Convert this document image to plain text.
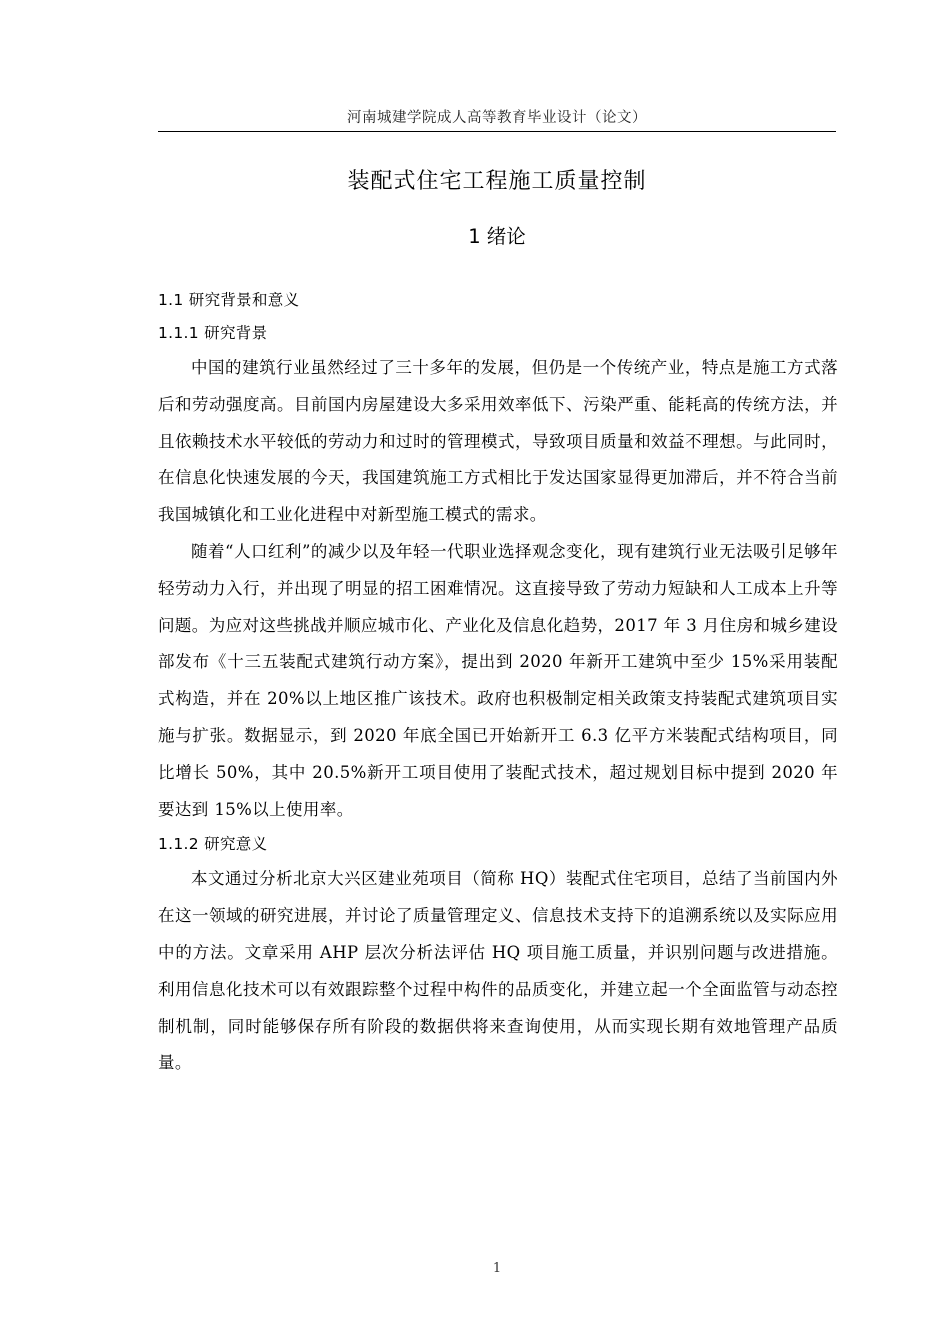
河南城建学院成人高等教育毕业设计（论文）
装配式住宅工程施工质量控制
1 绪论
1.1 研究背景和意义
1.1.1 研究背景

中国的建筑行业虽然经过了三十多年的发展，但仍是一个传统产业，特点是施工方式落后和劳动强度高。目前国内房屋建设大多采用效率低下、污染严重、能耗高的传统方法，并且依赖技术水平较低的劳动力和过时的管理模式，导致项目质量和效益不理想。与此同时，在信息化快速发展的今天，我国建筑施工方式相比于发达国家显得更加滞后，并不符合当前我国城镇化和工业化进程中对新型施工模式的需求。

随着“人口红利”的减少以及年轻一代职业选择观念变化，现有建筑行业无法吸引足够年轻劳动力入行，并出现了明显的招工困难情况。这直接导致了劳动力短缺和人工成本上升等问题。为应对这些挑战并顺应城市化、产业化及信息化趋势，2017 年 3 月住房和城乡建设部发布《十三五装配式建筑行动方案》，提出到 2020 年新开工建筑中至少 15%采用装配式构造，并在 20%以上地区推广该技术。政府也积极制定相关政策支持装配式建筑项目实施与扩张。数据显示，到 2020 年底全国已开始新开工 6.3 亿平方米装配式结构项目，同比增长 50%，其中 20.5%新开工项目使用了装配式技术，超过规划目标中提到 2020 年要达到 15%以上使用率。

1.1.2 研究意义

本文通过分析北京大兴区建业苑项目（简称 HQ）装配式住宅项目，总结了当前国内外在这一领域的研究进展，并讨论了质量管理定义、信息技术支持下的追溯系统以及实际应用中的方法。文章采用 AHP 层次分析法评估 HQ 项目施工质量，并识别问题与改进措施。利用信息化技术可以有效跟踪整个过程中构件的品质变化，并建立起一个全面监管与动态控制机制，同时能够保存所有阶段的数据供将来查询使用，从而实现长期有效地管理产品质量。

1
